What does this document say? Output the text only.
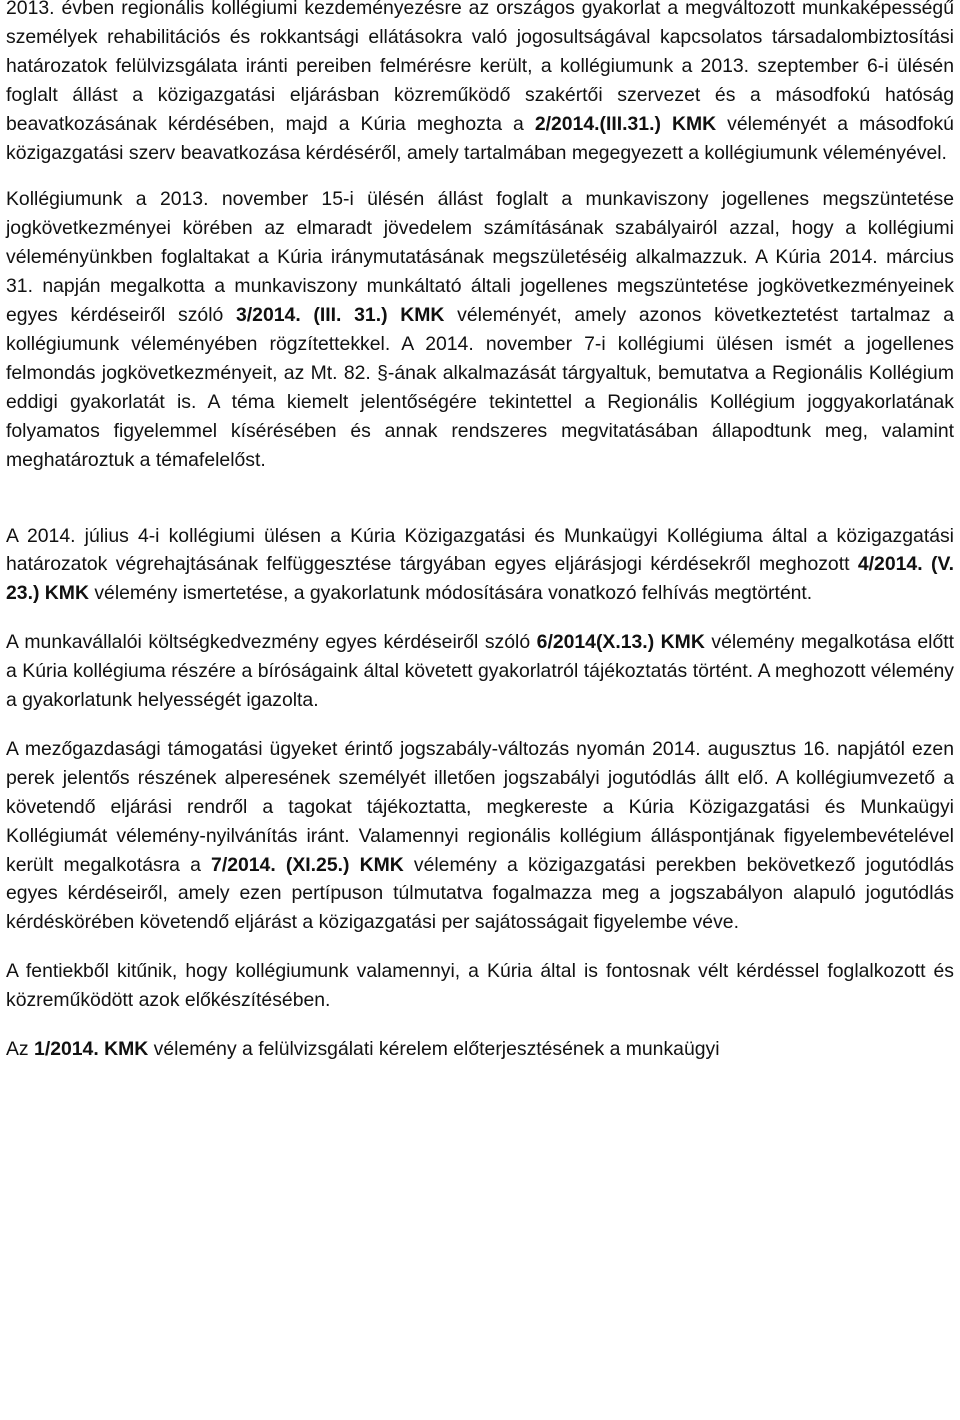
2013. évben regionális kollégiumi kezdeményezésre az országos gyakorlat a megváltozott munkaképességű személyek rehabilitációs és rokkantsági ellátásokra való jogosultságával kapcsolatos társadalombiztosítási határozatok felülvizsgálata iránti pereiben felmérésre került, a kollégiumunk a 2013. szeptember 6-i ülésén foglalt állást a közigazgatási eljárásban közreműködő szakértői szervezet és a másodfokú hatóság beavatkozásának kérdésében, majd a Kúria meghozta a 2/2014.(III.31.) KMK véleményét a másodfokú közigazgatási szerv beavatkozása kérdéséről, amely tartalmában megegyezett a kollégiumunk véleményével.

Kollégiumunk a 2013. november 15-i ülésén állást foglalt a munkaviszony jogellenes megszüntetése jogkövetkezményei körében az elmaradt jövedelem számításának szabályairól azzal, hogy a kollégiumi véleményünkben foglaltakat a Kúria iránymutatásának megszületéséig alkalmazzuk. A Kúria 2014. március 31. napján megalkotta a munkaviszony munkáltató általi jogellenes megszüntetése jogkövetkezményeinek egyes kérdéseiről szóló 3/2014. (III. 31.) KMK véleményét, amely azonos következtetést tartalmaz a kollégiumunk véleményében rögzítettekkel. A 2014. november 7-i kollégiumi ülésen ismét a jogellenes felmondás jogkövetkezményeit, az Mt. 82. §-ának alkalmazását tárgyaltuk, bemutatva a Regionális Kollégium eddigi gyakorlatát is. A téma kiemelt jelentőségére tekintettel a Regionális Kollégium joggyakorlatának folyamatos figyelemmel kísérésében és annak rendszeres megvitatásában állapodtunk meg, valamint meghatároztuk a témafelelőst.

A 2014. július 4-i kollégiumi ülésen a Kúria Közigazgatási és Munkaügyi Kollégiuma által a közigazgatási határozatok végrehajtásának felfüggesztése tárgyában egyes eljárásjogi kérdésekről meghozott 4/2014. (V. 23.) KMK vélemény ismertetése, a gyakorlatunk módosítására vonatkozó felhívás megtörtént.

A munkavállalói költségkedvezmény egyes kérdéseiről szóló 6/2014(X.13.) KMK vélemény megalkotása előtt a Kúria kollégiuma részére a bíróságaink által követett gyakorlatról tájékoztatás történt. A meghozott vélemény a gyakorlatunk helyességét igazolta.

A mezőgazdasági támogatási ügyeket érintő jogszabály-változás nyomán 2014. augusztus 16. napjától ezen perek jelentős részének alperesének személyét illetően jogszabályi jogutódlás állt elő. A kollégiumvezető a követendő eljárási rendről a tagokat tájékoztatta, megkereste a Kúria Közigazgatási és Munkaügyi Kollégiumát vélemény-nyilvánítás iránt. Valamennyi regionális kollégium álláspontjának figyelembevételével került megalkotásra a 7/2014. (XI.25.) KMK vélemény a közigazgatási perekben bekövetkező jogutódlás egyes kérdéseiről, amely ezen pertípuson túlmutatva fogalmazza meg a jogszabályon alapuló jogutódlás kérdéskörében követendő eljárást a közigazgatási per sajátosságait figyelembe véve.

A fentiekből kitűnik, hogy kollégiumunk valamennyi, a Kúria által is fontosnak vélt kérdéssel foglalkozott és közreműködött azok előkészítésében.

Az 1/2014. KMK vélemény a felülvizsgálati kérelem előterjesztésének a munkaügyi
